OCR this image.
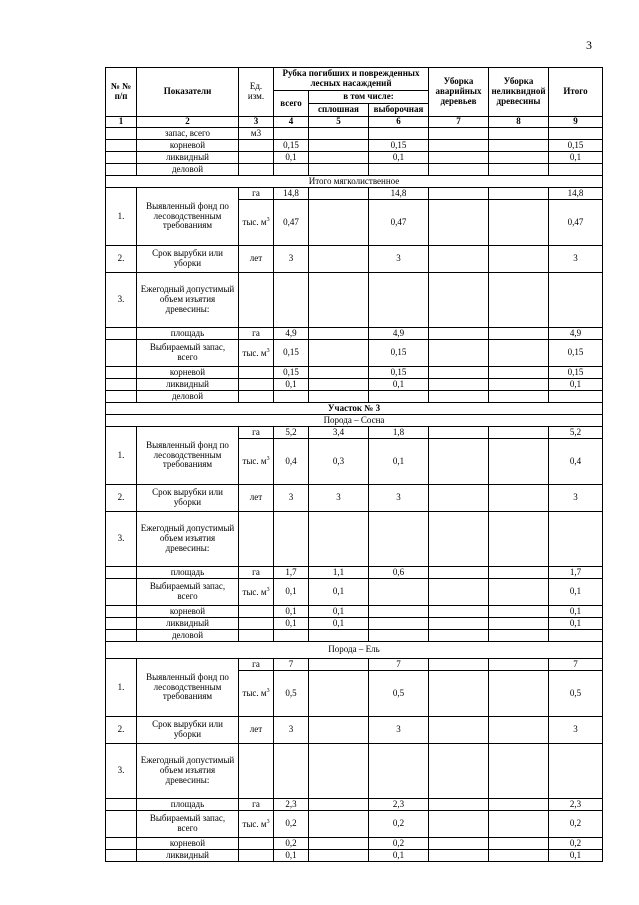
3
№ № п/п	Показатели	Ед. изм.	Рубка погибших и поврежденных лесных насаждений			Уборка аварийных деревьев	Уборка неликвидной древесины	Итого
			всего	в том числе:				
				сплошная	выборочная			
1	2	3	4	5	6	7	8	9
	запас, всего	м3						
	корневой		0,15		0,15			0,15
	ликвидный		0,1		0,1			0,1
	деловой							
Итого мягколиственное								
1.	Выявленный фонд по лесоводственным требованиям	га	14,8		14,8			14,8
		тыс. $м^3$	0,47		0,47			0,47
2.	Срок вырубки или уборки	лет	3		3			3
3.	Ежегодный допустимый объем изъятия древесины:							
	площадь	га	4,9		4,9			4,9
	Выбираемый запас, всего	тыс. $м^3$	0,15		0,15			0,15
	корневой		0,15		0,15			0,15
	ликвидный		0,1		0,1			0,1
	деловой							
Участок № 3								
Порода – Сосна								
1.	Выявленный фонд по лесоводственным требованиям	га	5,2	3,4	1,8			5,2
		тыс. $м^3$	0,4	0,3	0,1			0,4
2.	Срок вырубки или уборки	лет	3	3	3			3
3.	Ежегодный допустимый объем изъятия древесины:							
	площадь	га	1,7	1,1	0,6			1,7
	Выбираемый запас, всего	тыс. $м^3$	0,1	0,1				0,1
	корневой		0,1	0,1				0,1
	ликвидный		0,1	0,1				0,1
	деловой							
Порода – Ель								
1.	Выявленный фонд по лесоводственным требованиям	га	7		7			7
		тыс. $м^3$	0,5		0,5			0,5
2.	Срок вырубки или уборки	лет	3		3			3
3.	Ежегодный допустимый объем изъятия древесины:							
	площадь	га	2,3		2,3			2,3
	Выбираемый запас, всего	тыс. $м^3$	0,2		0,2			0,2
	корневой		0,2		0,2			0,2
	ликвидный		0,1		0,1			0,1
